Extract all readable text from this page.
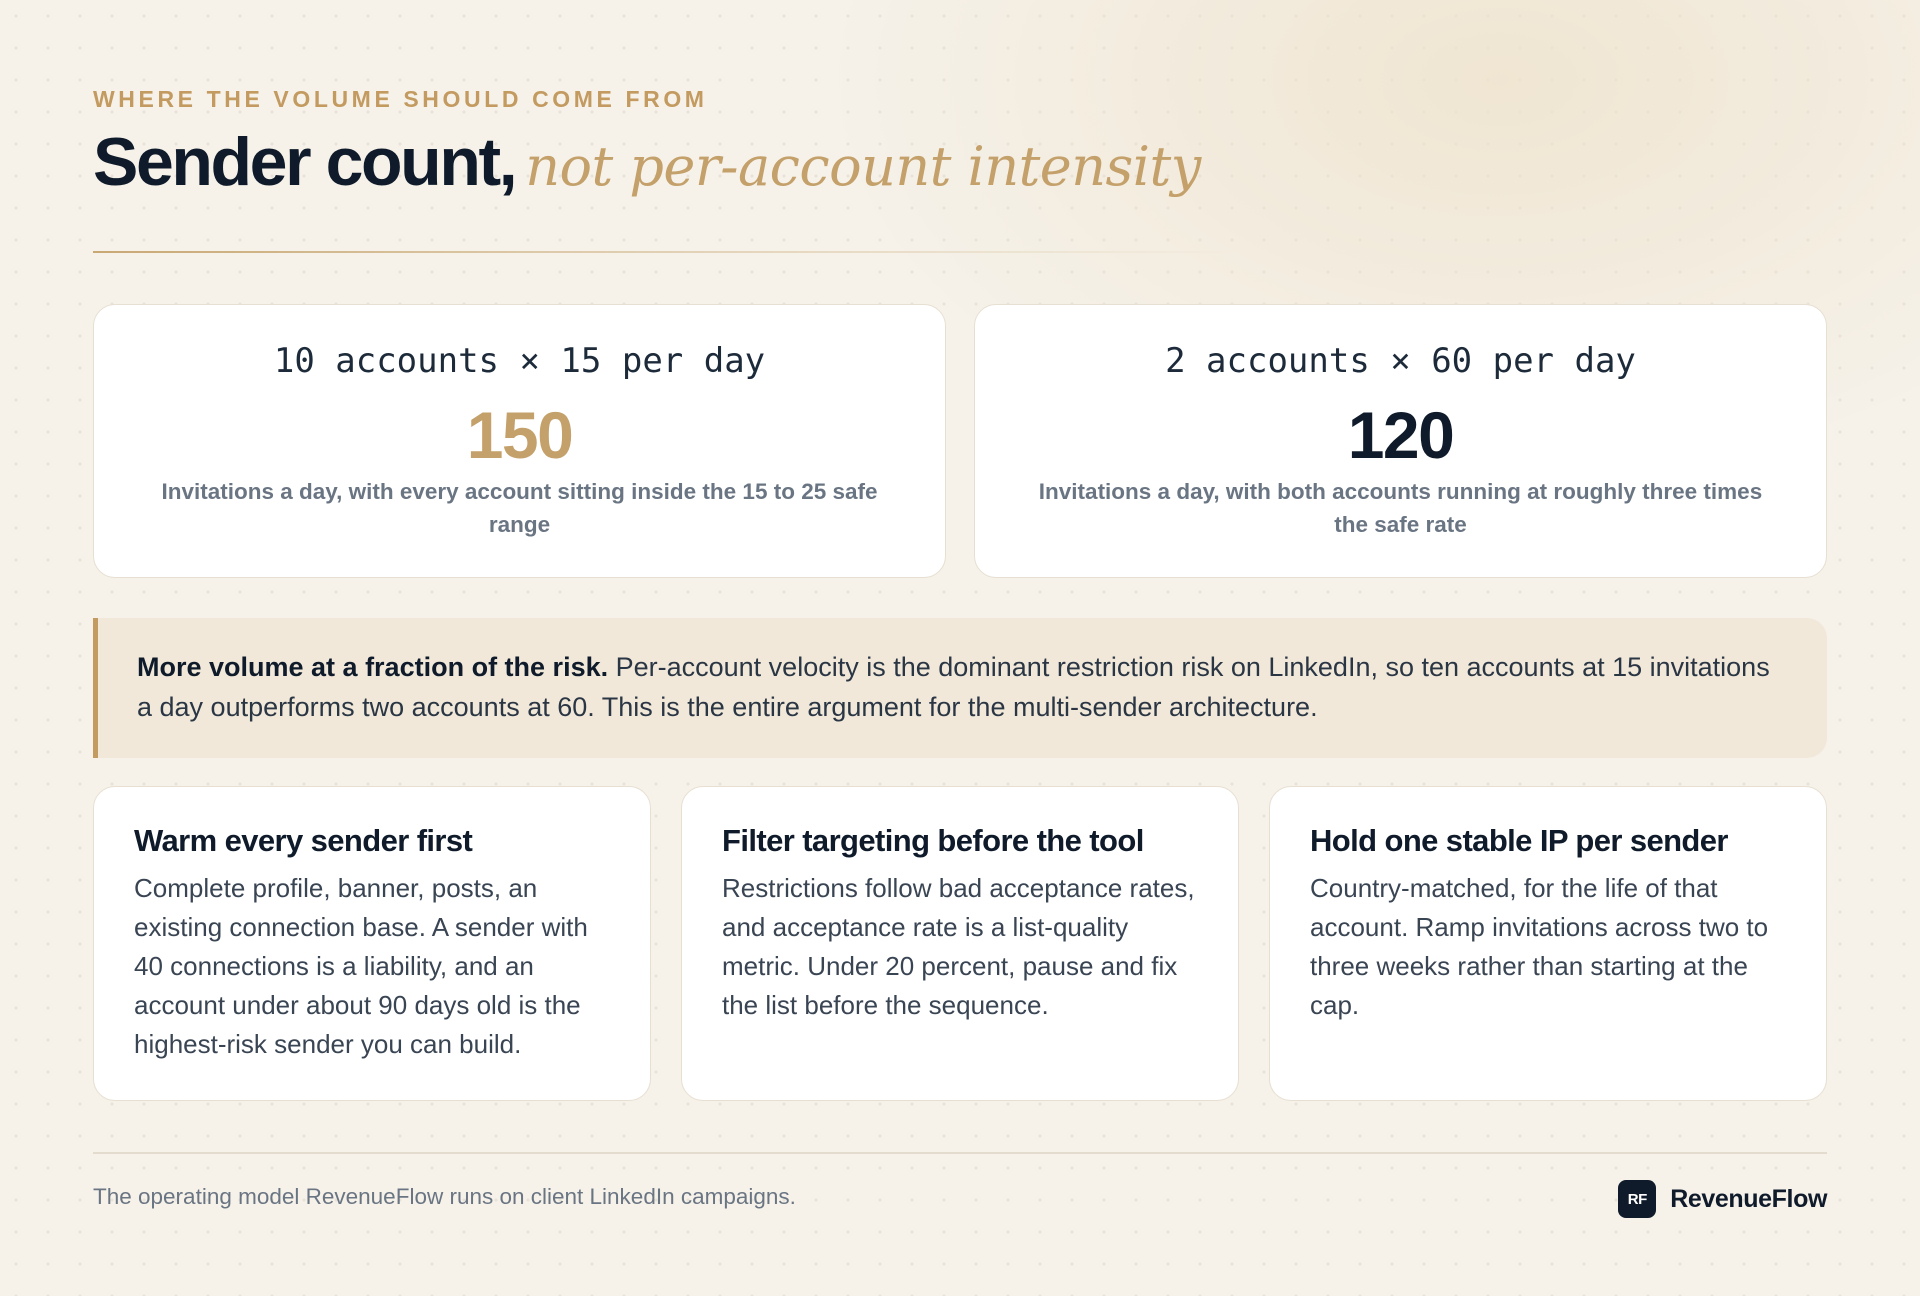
WHERE THE VOLUME SHOULD COME FROM
Sender count, not per-account intensity
10 accounts × 15 per day
150
Invitations a day, with every account sitting inside the 15 to 25 safe range
2 accounts × 60 per day
120
Invitations a day, with both accounts running at roughly three times the safe rate
More volume at a fraction of the risk. Per-account velocity is the dominant restriction risk on LinkedIn, so ten accounts at 15 invitations a day outperforms two accounts at 60. This is the entire argument for the multi-sender architecture.
Warm every sender first
Complete profile, banner, posts, an existing connection base. A sender with 40 connections is a liability, and an account under about 90 days old is the highest-risk sender you can build.
Filter targeting before the tool
Restrictions follow bad acceptance rates, and acceptance rate is a list-quality metric. Under 20 percent, pause and fix the list before the sequence.
Hold one stable IP per sender
Country-matched, for the life of that account. Ramp invitations across two to three weeks rather than starting at the cap.
The operating model RevenueFlow runs on client LinkedIn campaigns.	RF RevenueFlow
